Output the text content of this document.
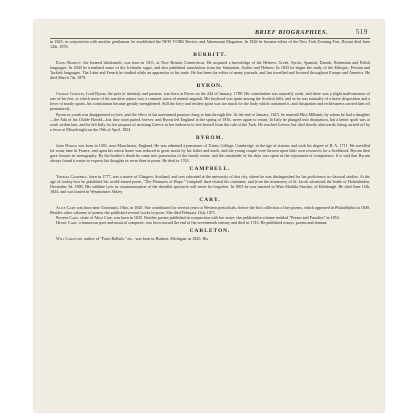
BRIEF BIOGRAPHIES.	519

in 1825, in conjunction with another gentleman, he established the NEW YORK Review and Athenaeum Magazine. In 1826 he became editor of the New York Evening Post. Bryant died June 12th, 1878.

BURRITT.

Elihu Burritt, the learned blacksmith, was born in 1811, at New Britain, Connecticut. He acquired a knowledge of the Hebrew, Greek, Syriac, Spanish, Danish, Bohemian and Polish languages. In 1840 he translated some of the Icelandic sagas, and also published translations from the Samaritan, Arabic and Hebrew. In 1843 he began the study of the Ethiopic, Persian and Turkish languages. The Latin and French he studied while an apprentice to his trade. He has been the editor of many journals, and has travelled and lectured throughout Europe and America. He died March 7th, 1879.

BYRON.

George Gordon, Lord Byron, the poet of intensity and passion, was born at Dover on the 22d of January, 1788. His constitution was naturally weak, and there was a slight malformation of one of his feet, to which some of his sensitive nature was a constant cause of mental anguish. His boyhood was spent among the Scottish hills, and as he was naturally of a brave disposition and a lover of manly sports, his constitution became greatly strengthened. Still the fiery and restless spirit was too much for the body which contained it, and dissipation and recklessness carried him off prematurely.

Byron in youth was disappointed in love, and the effect of his unreturned passion clung to him through life. At the end of January, 1815, he married Miss Milbank, by whom he had a daughter—the Ada of his Childe Harold—but they soon parted forever; and Byron left England in the spring of 1816, never again to return. In Italy he plunged into dissipation, but a better spirit was at work within him, and he left Italy for the purpose of assisting Greece in her endeavor to free herself from the rule of the Turk. He reached Greece, but died shortly afterwards, being carried off by a fever at Missolonghi on the 19th of April, 1824.

BYROM.

John Byrom was born in 1691, near Manchester, England. He was admitted a pensioner of Trinity College, Cambridge, at the age of sixteen, and took his degree of B. A. 1711. He travelled for some time in France, and upon his return home was reduced to great straits by his father and uncle, and the young couple were thrown upon their own resources for a livelihood. Byrom then gave lessons in stenography. By his brother's death he came into possession of the family estate, and the remainder of his days was spent in the enjoyment of competence. It is said that Byrom always found it easier to express his thoughts in verse than in prose. He died in 1763.

CAMPBELL.

Thomas Campbell, born in 1777, was a native of Glasgow, Scotland, and was educated at the university of that city, where he was distinguished for his proficiency in classical studies. At the age of twenty-two he published his world-famed poem, "The Pleasures of Hope." Campbell then visited the continent, and from the monastery of St. Jacob witnessed the battle of Hohenlinden, December 3d, 1800. His sublime lyric in commemoration of the dreadful spectacle will never be forgotten. In 1803 he was married to Miss Matilda Sinclair, of Edinburgh. He died June 15th, 1844, and was buried in Westminster Abbey.

CARY.

Alice Cary was born near Cincinnati, Ohio, in 1820. She contributed for several years to Western periodicals, before the first collection of her poems, which appeared in Philadelphia in 1849. Besides other volumes of poems she published several works in prose. She died February 12th, 1871.

Phoebe Cary, sister of Alice Cary, was born in 1825. Besides poems published in conjunction with her sister, she published a volume entitled "Poems and Parodies" in 1854.

Henry Cary, a humorous poet and musical composer, was born toward the end of the seventeenth century and died in 1743. He published essays, poems and dramas.

CARLETON.

Will Carleton, author of "Farm Ballads," etc., was born in Hudson, Michigan, in 1845. His
